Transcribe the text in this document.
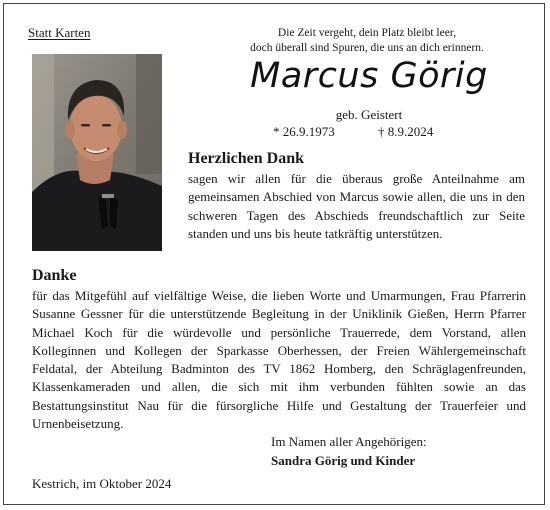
Statt Karten	Die Zeit vergeht, dein Platz bleibt leer,
doch überall sind Spuren, die uns an dich erinnern.
Marcus Görig
geb. Geistert
* 26.9.1973	† 8.9.2024
Herzlichen Dank
sagen wir allen für die überaus große Anteilnahme am gemeinsamen Abschied von Marcus sowie allen, die uns in den schweren Tagen des Abschieds freundschaftlich zur Seite standen und uns bis heute tatkräftig unterstützen.
Danke
für das Mitgefühl auf vielfältige Weise, die lieben Worte und Umarmungen, Frau Pfarrerin Susanne Gessner für die unterstützende Begleitung in der Uniklinik Gießen, Herrn Pfarrer Michael Koch für die würdevolle und persönliche Trauerrede, dem Vorstand, allen Kolleginnen und Kollegen der Sparkasse Oberhessen, der Freien Wählergemeinschaft Feldatal, der Abteilung Badminton des TV 1862 Homberg, den Schräglagenfreunden, Klassenkameraden und allen, die sich mit ihm verbunden fühlten sowie an das Bestattungsinstitut Nau für die fürsorgliche Hilfe und Gestaltung der Trauerfeier und Urnenbeisetzung.
Im Namen aller Angehörigen:
Sandra Görig und Kinder
Kestrich, im Oktober 2024
